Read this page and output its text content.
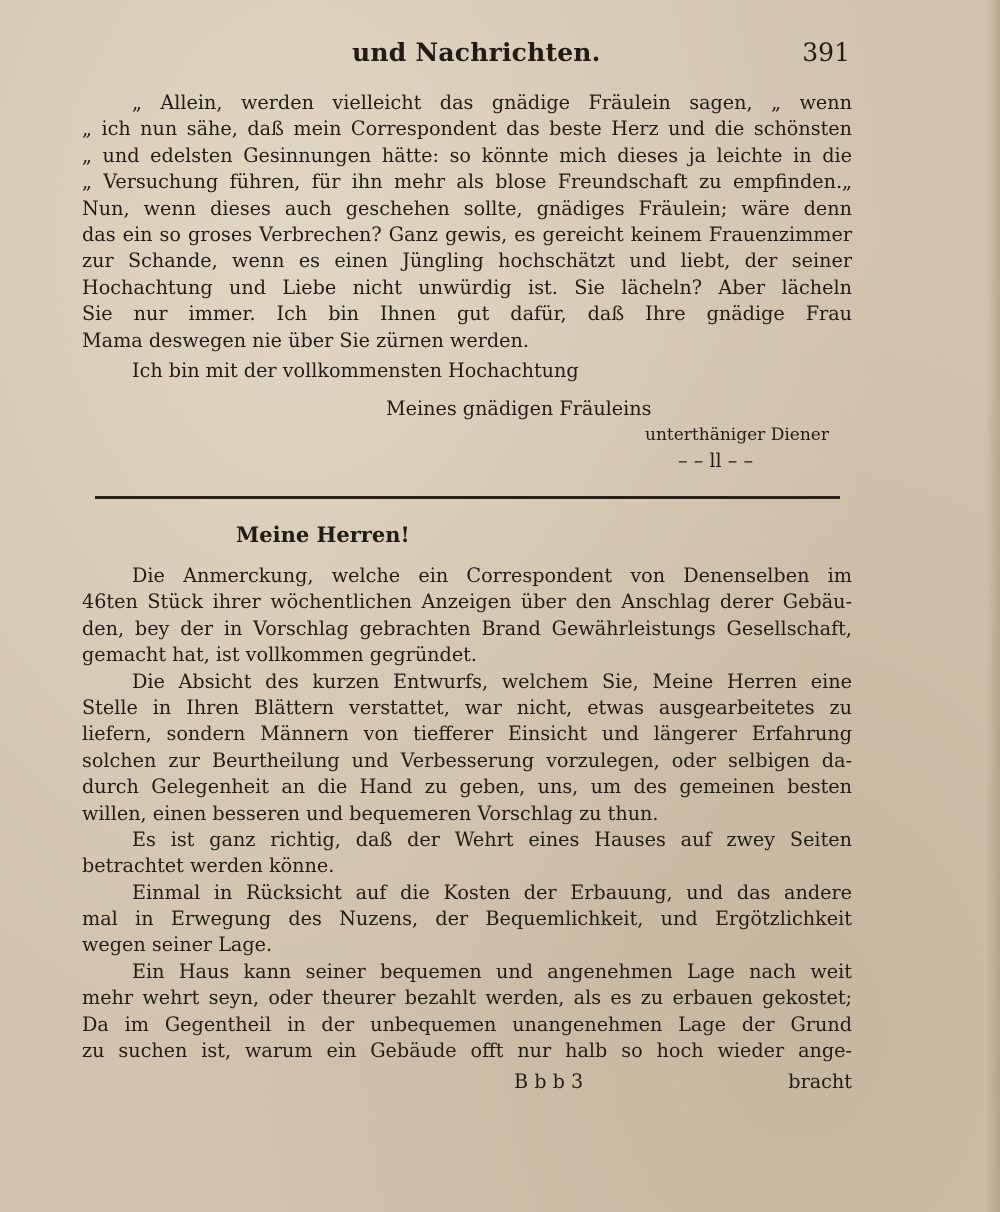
und Nachrichten.	391
„ Allein, werden vielleicht das gnädige Fräulein sagen, „ wenn
„ ich nun sähe, daß mein Correspondent das beste Herz und die schönsten
„ und edelsten Gesinnungen hätte: so könnte mich dieses ja leichte in die
„ Versuchung führen, für ihn mehr als blose Freundschaft zu empfinden.„
Nun, wenn dieses auch geschehen sollte, gnädiges Fräulein; wäre denn
das ein so groses Verbrechen? Ganz gewis, es gereicht keinem Frauenzimmer
zur Schande, wenn es einen Jüngling hochschätzt und liebt, der seiner
Hochachtung und Liebe nicht unwürdig ist. Sie lächeln? Aber lächeln
Sie nur immer. Ich bin Ihnen gut dafür, daß Ihre gnädige Frau
Mama deswegen nie über Sie zürnen werden.
Ich bin mit der vollkommensten Hochachtung
Meines gnädigen Fräuleins
unterthäniger Diener
– – ll – –
Meine Herren!
Die Anmerckung, welche ein Correspondent von Denenselben im
46ten Stück ihrer wöchentlichen Anzeigen über den Anschlag derer Gebäu-
den, bey der in Vorschlag gebrachten Brand Gewährleistungs Gesellschaft,
gemacht hat, ist vollkommen gegründet.
Die Absicht des kurzen Entwurfs, welchem Sie, Meine Herren eine
Stelle in Ihren Blättern verstattet, war nicht, etwas ausgearbeitetes zu
liefern, sondern Männern von tiefferer Einsicht und längerer Erfahrung
solchen zur Beurtheilung und Verbesserung vorzulegen, oder selbigen da-
durch Gelegenheit an die Hand zu geben, uns, um des gemeinen besten
willen, einen besseren und bequemeren Vorschlag zu thun.
Es ist ganz richtig, daß der Wehrt eines Hauses auf zwey Seiten
betrachtet werden könne.
Einmal in Rücksicht auf die Kosten der Erbauung, und das andere
mal in Erwegung des Nuzens, der Bequemlichkeit, und Ergötzlichkeit
wegen seiner Lage.
Ein Haus kann seiner bequemen und angenehmen Lage nach weit
mehr wehrt seyn, oder theurer bezahlt werden, als es zu erbauen gekostet;
Da im Gegentheil in der unbequemen unangenehmen Lage der Grund
zu suchen ist, warum ein Gebäude offt nur halb so hoch wieder ange-
B b b 3	bracht
